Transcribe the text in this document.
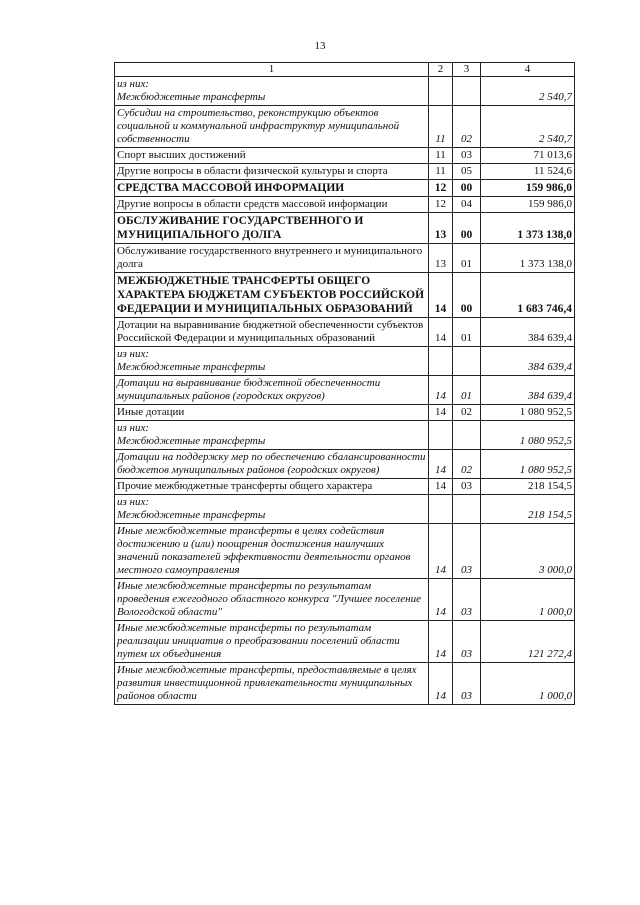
13
1	2	3	4

из них:
Межбюджетные трансферты			2 540,7

Субсидии на строительство, реконструкцию объектов социальной и коммунальной инфраструктур муниципальной собственности	11	02	2 540,7

Спорт высших достижений	11	03	71 013,6

Другие вопросы в области физической культуры и спорта	11	05	11 524,6

СРЕДСТВА МАССОВОЙ ИНФОРМАЦИИ	12	00	159 986,0

Другие вопросы в области средств массовой информации	12	04	159 986,0

ОБСЛУЖИВАНИЕ ГОСУДАРСТВЕННОГО И МУНИЦИПАЛЬНОГО ДОЛГА	13	00	1 373 138,0

Обслуживание государственного внутреннего и муниципального долга	13	01	1 373 138,0

МЕЖБЮДЖЕТНЫЕ ТРАНСФЕРТЫ ОБЩЕГО ХАРАКТЕРА БЮДЖЕТАМ СУБЪЕКТОВ РОССИЙСКОЙ ФЕДЕРАЦИИ И МУНИЦИПАЛЬНЫХ ОБРАЗОВАНИЙ	14	00	1 683 746,4

Дотации на выравнивание бюджетной обеспеченности субъектов Российской Федерации и муниципальных образований	14	01	384 639,4

из них:
Межбюджетные трансферты			384 639,4

Дотации на выравнивание бюджетной обеспеченности муниципальных районов (городских округов)	14	01	384 639,4

Иные дотации	14	02	1 080 952,5

из них:
Межбюджетные трансферты			1 080 952,5

Дотации на поддержку мер по обеспечению сбалансированности бюджетов муниципальных районов (городских округов)	14	02	1 080 952,5

Прочие межбюджетные трансферты общего характера	14	03	218 154,5

из них:
Межбюджетные трансферты			218 154,5

Иные межбюджетные трансферты в целях содействия достижению и (или) поощрения достижения наилучших значений показателей эффективности деятельности органов местного самоуправления	14	03	3 000,0

Иные межбюджетные трансферты по результатам проведения ежегодного областного конкурса "Лучшее поселение Вологодской области"	14	03	1 000,0

Иные межбюджетные трансферты по результатам реализации инициатив о преобразовании поселений области путем их объединения	14	03	121 272,4

Иные межбюджетные трансферты, предоставляемые в целях развития инвестиционной привлекательности муниципальных районов области	14	03	1 000,0
